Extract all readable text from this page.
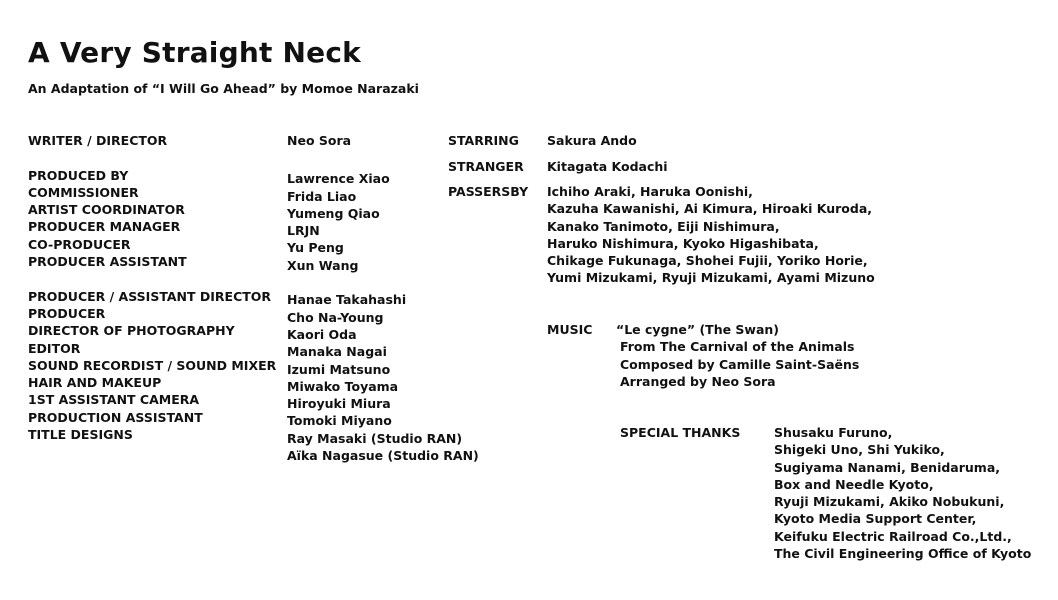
A Very Straight Neck
An Adaptation of “I Will Go Ahead” by Momoe Narazaki
WRITER / DIRECTOR
PRODUCED BY
COMMISSIONER
ARTIST COORDINATOR
PRODUCER MANAGER
CO-PRODUCER
PRODUCER ASSISTANT
PRODUCER / ASSISTANT DIRECTOR
PRODUCER
DIRECTOR OF PHOTOGRAPHY
EDITOR
SOUND RECORDIST / SOUND MIXER
HAIR AND MAKEUP
1ST ASSISTANT CAMERA
PRODUCTION ASSISTANT
TITLE DESIGNS
Neo Sora
Lawrence Xiao
Frida Liao
Yumeng Qiao
LRJN
Yu Peng
Xun Wang
Hanae Takahashi
Cho Na-Young
Kaori Oda
Manaka Nagai
Izumi Matsuno
Miwako Toyama
Hiroyuki Miura
Tomoki Miyano
Ray Masaki (Studio RAN)
Aïka Nagasue (Studio RAN)
STARRING
STRANGER
PASSERSBY
Sakura Ando
Kitagata Kodachi
Ichiho Araki, Haruka Oonishi,
Kazuha Kawanishi, Ai Kimura, Hiroaki Kuroda,
Kanako Tanimoto, Eiji Nishimura,
Haruko Nishimura, Kyoko Higashibata,
Chikage Fukunaga, Shohei Fujii, Yoriko Horie,
Yumi Mizukami, Ryuji Mizukami, Ayami Mizuno
MUSIC “Le cygne” (The Swan)
From The Carnival of the Animals
Composed by Camille Saint-Saëns
Arranged by Neo Sora
SPECIAL THANKS	Shusaku Furuno,
Shigeki Uno, Shi Yukiko,
Sugiyama Nanami, Benidaruma,
Box and Needle Kyoto,
Ryuji Mizukami, Akiko Nobukuni,
Kyoto Media Support Center,
Keifuku Electric Railroad Co.,Ltd.,
The Civil Engineering Office of Kyoto
